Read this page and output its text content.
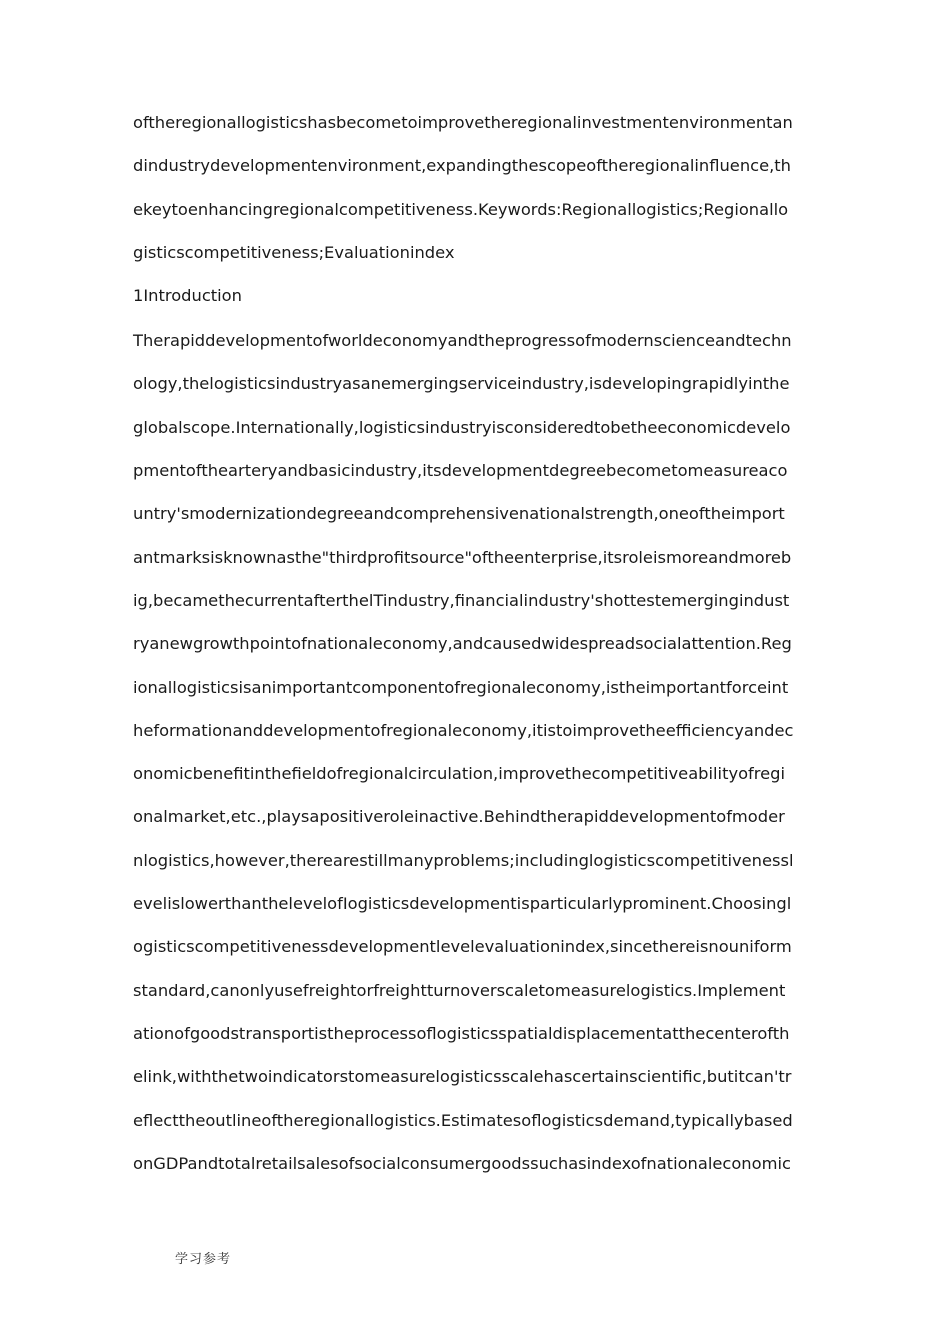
oftheregionallogisticshasbecometoimprovetheregionalinvestmentenvironmentan
dindustrydevelopmentenvironment,expandingthescopeoftheregionalinfluence,th
ekeytoenhancingregionalcompetitiveness.Keywords:Regionallogistics;Regionallo
gisticscompetitiveness;Evaluationindex
1Introduction
Therapiddevelopmentofworldeconomyandtheprogressofmodernscienceandtechn
ology,thelogisticsindustryasanemergingserviceindustry,isdevelopingrapidlyinthe
globalscope.Internationally,logisticsindustryisconsideredtobetheeconomicdevelo
pmentofthearteryandbasicindustry,itsdevelopmentdegreebecometomeasureaco
untry'smodernizationdegreeandcomprehensivenationalstrength,oneoftheimport
antmarksisknownasthe"thirdprofitsource"oftheenterprise,itsroleismoreandmoreb
ig,becamethecurrentafterthelTindustry,financialindustry'shottestemergingindust
ryanewgrowthpointofnationaleconomy,andcausedwidespreadsocialattention.Reg
ionallogisticsisanimportantcomponentofregionaleconomy,istheimportantforceint
heformationanddevelopmentofregionaleconomy,itistoimprovetheefficiencyandec
onomicbenefitinthefieldofregionalcirculation,improvethecompetitiveabilityofregi
onalmarket,etc.,playsapositiveroleinactive.Behindtherapiddevelopmentofmoder
nlogistics,however,therearestillmanyproblems;includinglogisticscompetitivenessl
evelislowerthanthelevelofIogisticsdevelopmentisparticularlyprominent.Choosingl
ogisticscompetitivenessdevelopmentlevelevaluationindex,sincethereisnouniform
standard,canonlyusefreightorfreightturnoverscaletomeasurelogistics.Implement
ationofgoodstransportistheprocessoflogisticsspatialdisplacementatthecenterofth
elink,withthetwoindicatorstomeasurelogisticsscalehascertainscientific,butitcan'tr
eflecttheoutlineoftheregionallogistics.Estimatesoflogisticsdemand,typicallybased
onGDPandtotalretailsalesofsocialconsumergoodssuchasindexofnationaleconomic
学习参考
